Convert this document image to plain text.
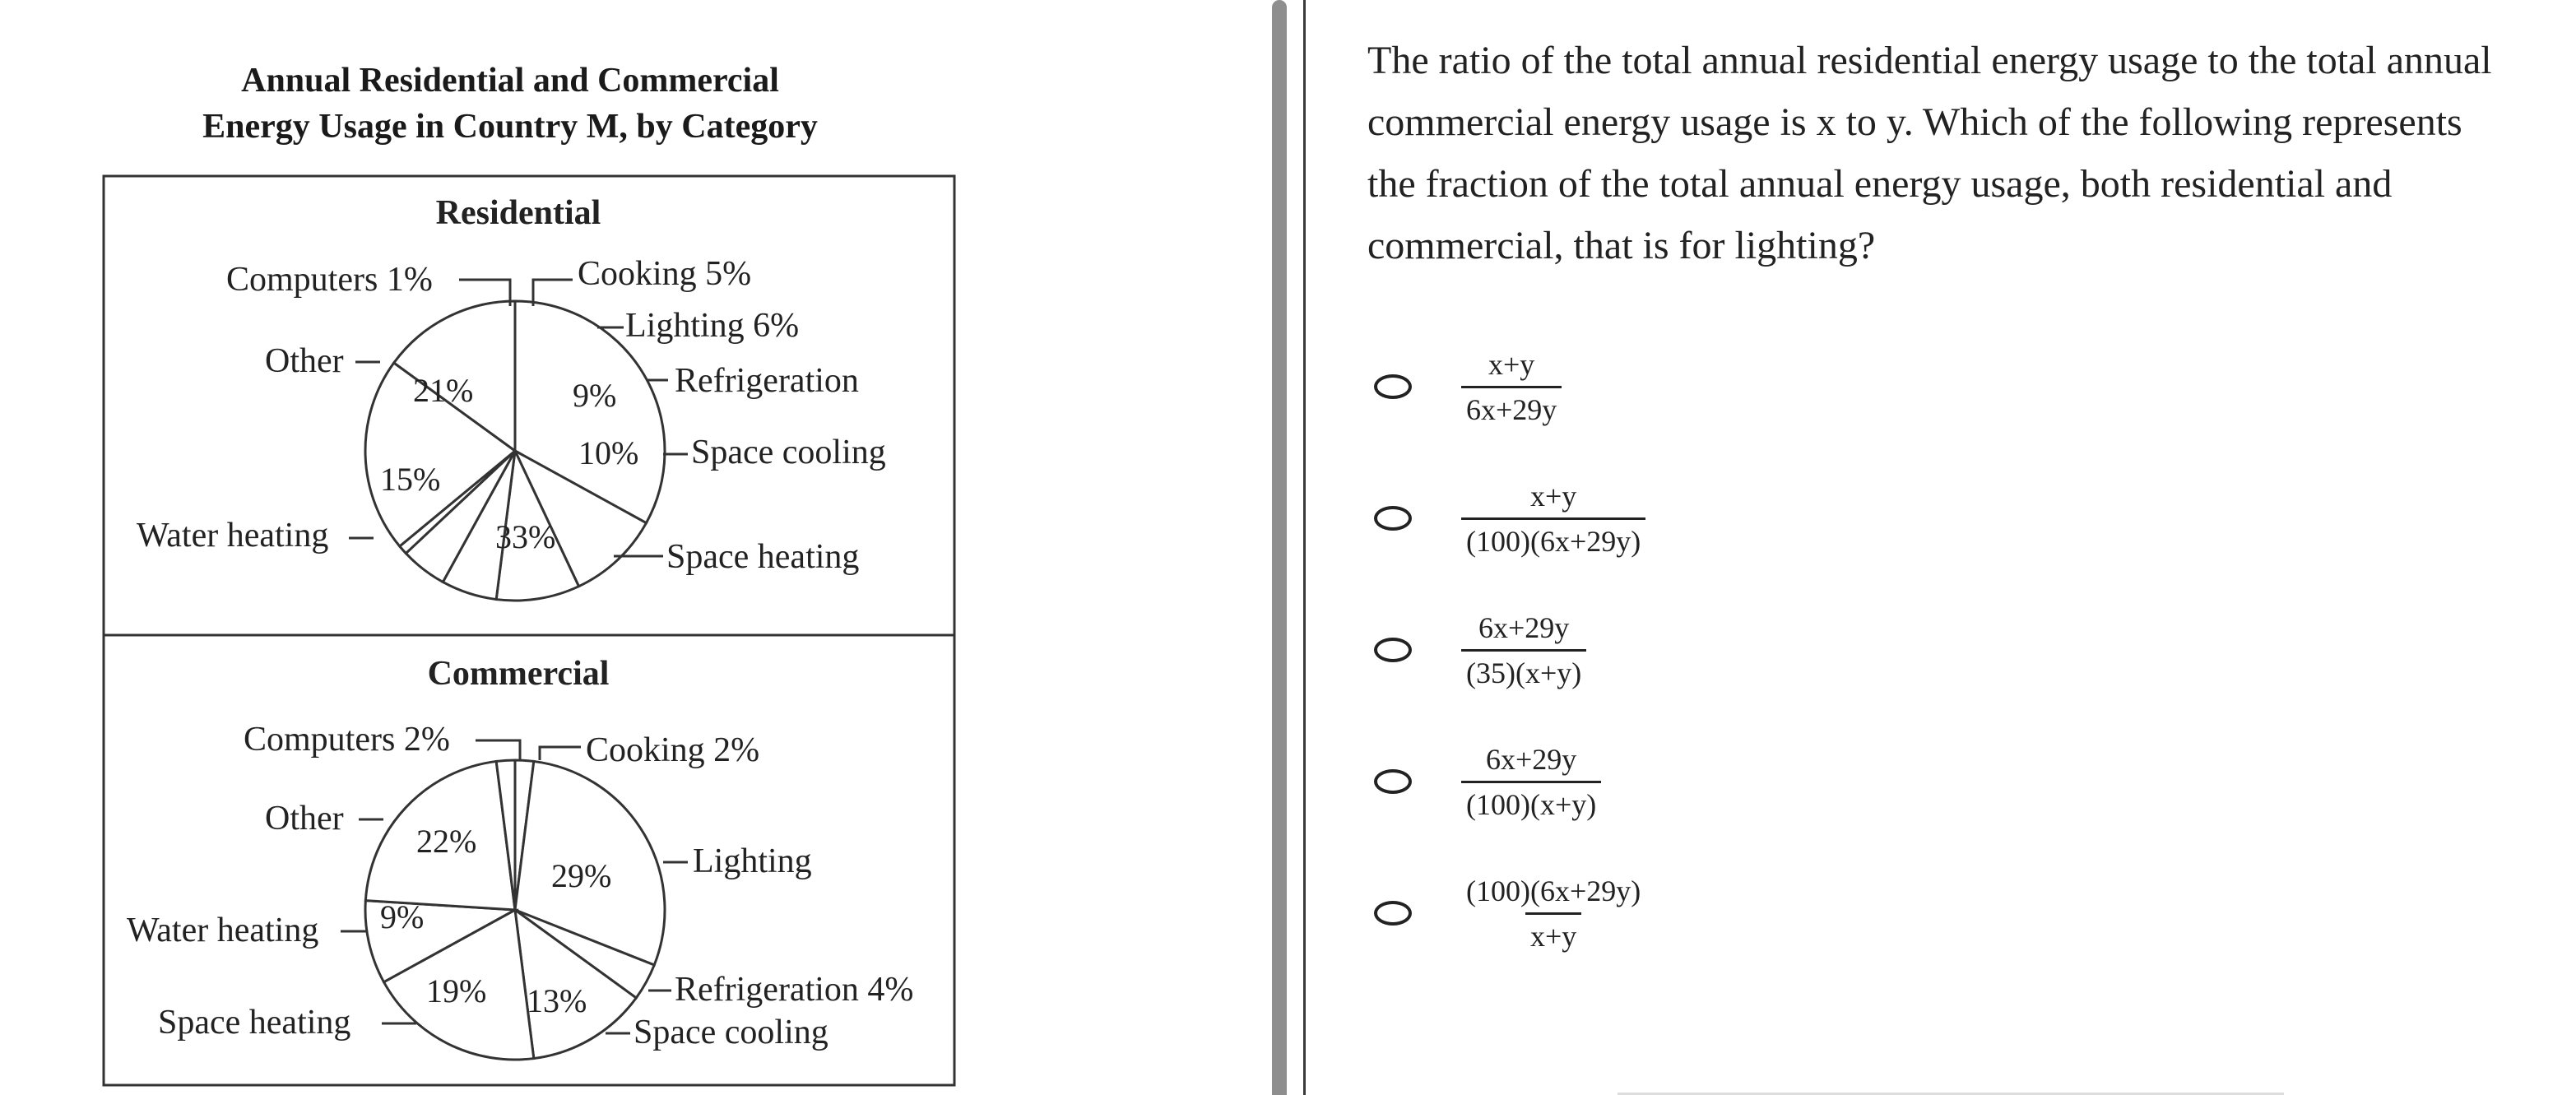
Annual Residential and Commercial
Energy Usage in Country M, by Category
Residential
Commercial
Computers 1%	Cooking 5%
Lighting 6%
Refrigeration
Space cooling
Space heating
Other
Water heating
21%	9%
10%
15%
33%
Computers 2%	Cooking 2%
Lighting
Refrigeration 4%
Space cooling
Other
Water heating
Space heating
22%
29%
9%
19% 13%
The ratio of the total annual residential energy usage to the total annual commercial energy usage is x to y. Which of the following represents the fraction of the total annual energy usage, both residential and commercial, that is for lighting?
$\frac{x+y}{6x+29y}$
$\frac{x+y}{(100)(6x+29y)}$
$\frac{6x+29y}{(35)(x+y)}$
$\frac{6x+29y}{(100)(x+y)}$
$\frac{(100)(6x+29y)}{x+y}$
